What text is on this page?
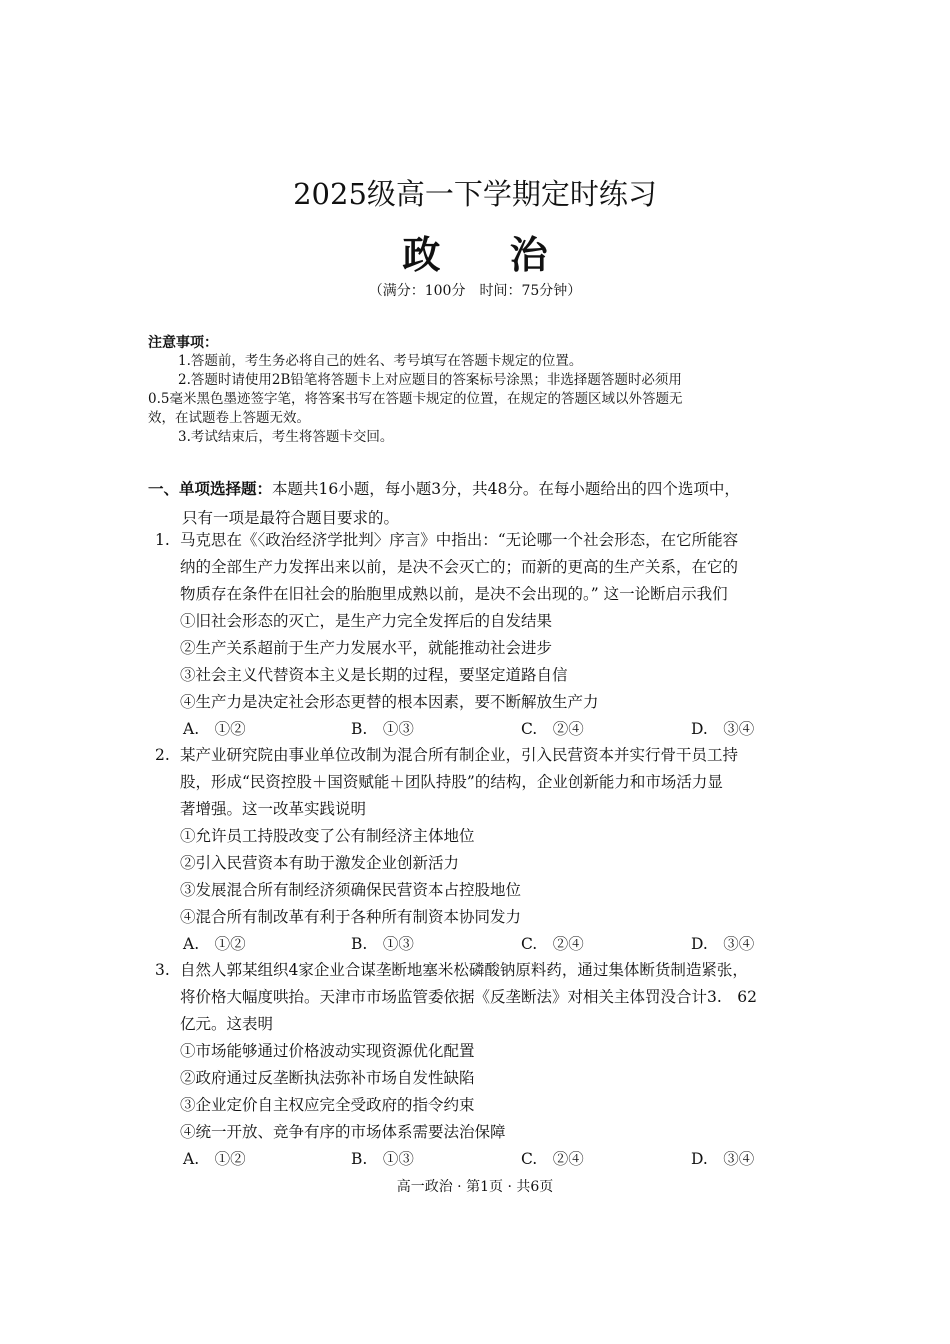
2025级高一下学期定时练习
政 治
（满分：100分　时间：75分钟）
注意事项：
1.答题前，考生务必将自己的姓名、考号填写在答题卡规定的位置。
2.答题时请使用2B铅笔将答题卡上对应题目的答案标号涂黑；非选择题答题时必须用
0.5毫米黑色墨迹签字笔，将答案书写在答题卡规定的位置，在规定的答题区域以外答题无
效，在试题卷上答题无效。
3.考试结束后，考生将答题卡交回。
一、单项选择题：本题共16小题，每小题3分，共48分。在每小题给出的四个选项中，
只有一项是最符合题目要求的。
1. 马克思在《〈政治经济学批判〉序言》中指出：“无论哪一个社会形态，在它所能容
纳的全部生产力发挥出来以前，是决不会灭亡的；而新的更高的生产关系，在它的
物质存在条件在旧社会的胎胞里成熟以前，是决不会出现的。” 这一论断启示我们
①旧社会形态的灭亡，是生产力完全发挥后的自发结果
②生产关系超前于生产力发展水平，就能推动社会进步
③社会主义代替资本主义是长期的过程，要坚定道路自信
④生产力是决定社会形态更替的根本因素，要不断解放生产力
A.　①②	B.　①③	C.　②④	D.　③④
2. 某产业研究院由事业单位改制为混合所有制企业，引入民营资本并实行骨干员工持
股，形成“民资控股＋国资赋能＋团队持股”的结构，企业创新能力和市场活力显
著增强。这一改革实践说明
①允许员工持股改变了公有制经济主体地位
②引入民营资本有助于激发企业创新活力
③发展混合所有制经济须确保民营资本占控股地位
④混合所有制改革有利于各种所有制资本协同发力
A.　①②	B.　①③	C.　②④	D.　③④
3. 自然人郭某组织4家企业合谋垄断地塞米松磷酸钠原料药，通过集体断货制造紧张，
将价格大幅度哄抬。天津市市场监管委依据《反垄断法》对相关主体罚没合计3.　62
亿元。这表明
①市场能够通过价格波动实现资源优化配置
②政府通过反垄断执法弥补市场自发性缺陷
③企业定价自主权应完全受政府的指令约束
④统一开放、竞争有序的市场体系需要法治保障
A.　①②	B.　①③	C.　②④	D.　③④
高一政治 · 第1页 · 共6页
